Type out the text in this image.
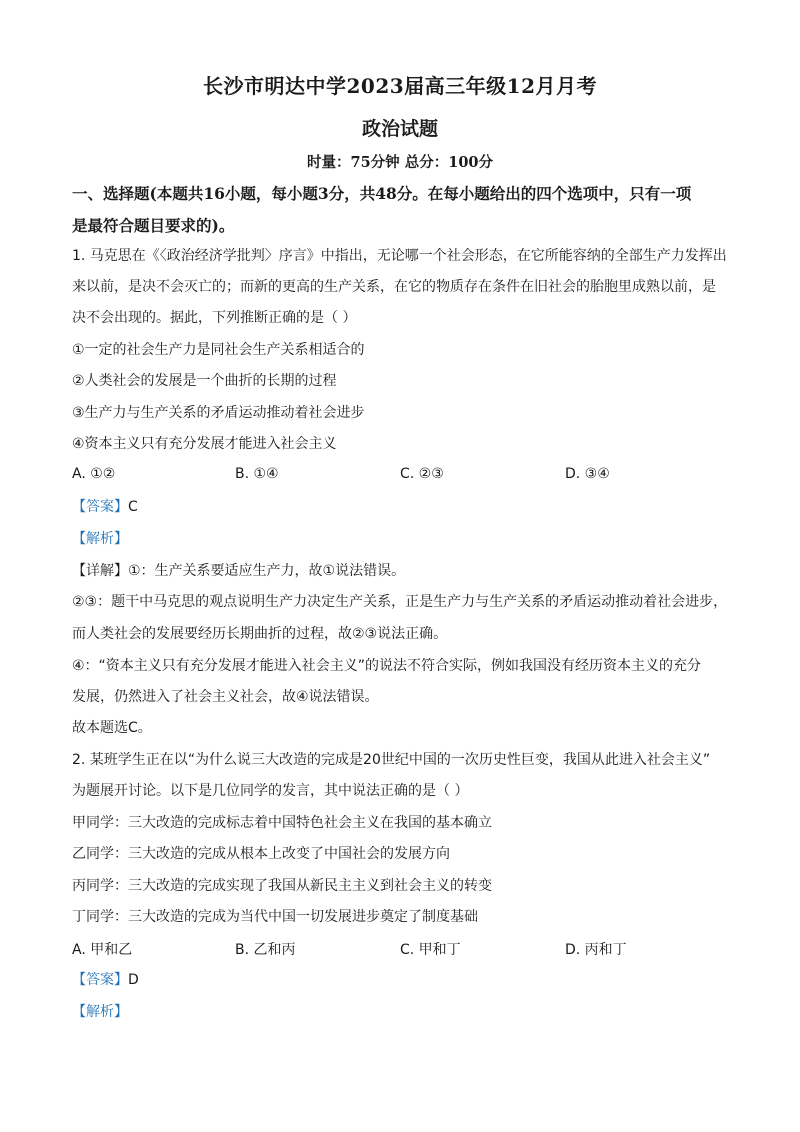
长沙市明达中学2023届高三年级12月月考
政治试题
时量：75分钟 总分：100分
一、选择题(本题共16小题，每小题3分，共48分。在每小题给出的四个选项中，只有一项
是最符合题目要求的)。
1. 马克思在《〈政治经济学批判〉序言》中指出，无论哪一个社会形态，在它所能容纳的全部生产力发挥出
来以前，是决不会灭亡的；而新的更高的生产关系，在它的物质存在条件在旧社会的胎胞里成熟以前，是
决不会出现的。据此，下列推断正确的是（ ）
①一定的社会生产力是同社会生产关系相适合的
②人类社会的发展是一个曲折的长期的过程
③生产力与生产关系的矛盾运动推动着社会进步
④资本主义只有充分发展才能进入社会主义
A. ①②	B. ①④	C. ②③	D. ③④
【答案】C
【解析】
【详解】①：生产关系要适应生产力，故①说法错误。
②③：题干中马克思的观点说明生产力决定生产关系，正是生产力与生产关系的矛盾运动推动着社会进步，
而人类社会的发展要经历长期曲折的过程，故②③说法正确。
④：“资本主义只有充分发展才能进入社会主义”的说法不符合实际，例如我国没有经历资本主义的充分
发展，仍然进入了社会主义社会，故④说法错误。
故本题选C。
2. 某班学生正在以“为什么说三大改造的完成是20世纪中国的一次历史性巨变，我国从此进入社会主义”
为题展开讨论。以下是几位同学的发言，其中说法正确的是（ ）
甲同学：三大改造的完成标志着中国特色社会主义在我国的基本确立
乙同学：三大改造的完成从根本上改变了中国社会的发展方向
丙同学：三大改造的完成实现了我国从新民主主义到社会主义的转变
丁同学：三大改造的完成为当代中国一切发展进步奠定了制度基础
A. 甲和乙	B. 乙和丙	C. 甲和丁	D. 丙和丁
【答案】D
【解析】
